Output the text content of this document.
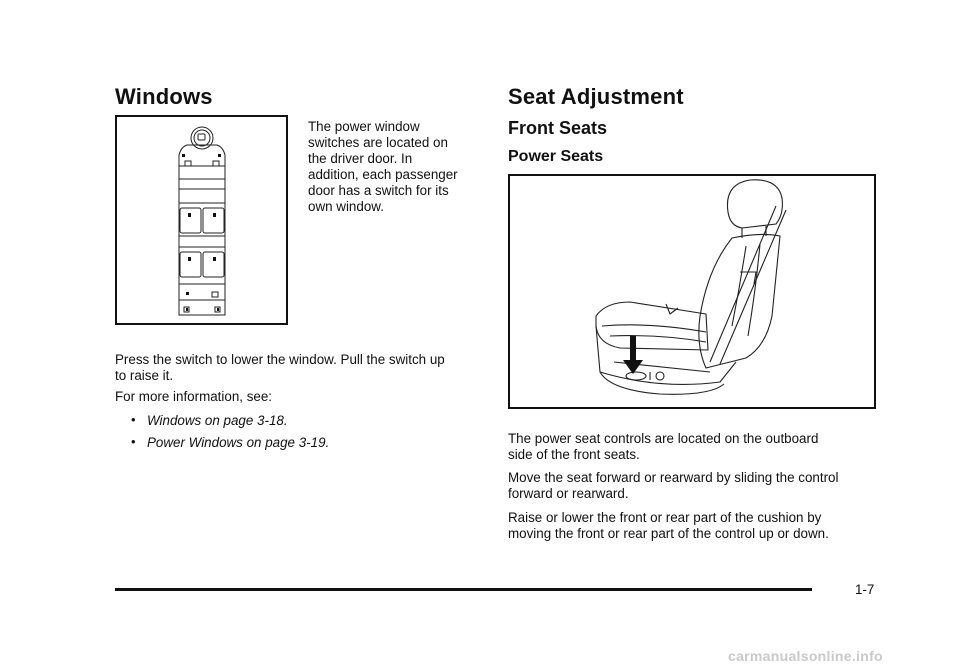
Windows
The power window
switches are located on
the driver door. In
addition, each passenger
door has a switch for its
own window.
Press the switch to lower the window. Pull the switch up
to raise it.
For more information, see:
• Windows on page 3-18.
• Power Windows on page 3-19.
Seat Adjustment
Front Seats
Power Seats
The power seat controls are located on the outboard
side of the front seats.
Move the seat forward or rearward by sliding the control
forward or rearward.
Raise or lower the front or rear part of the cushion by
moving the front or rear part of the control up or down.
1-7
carmanualsonline.info
